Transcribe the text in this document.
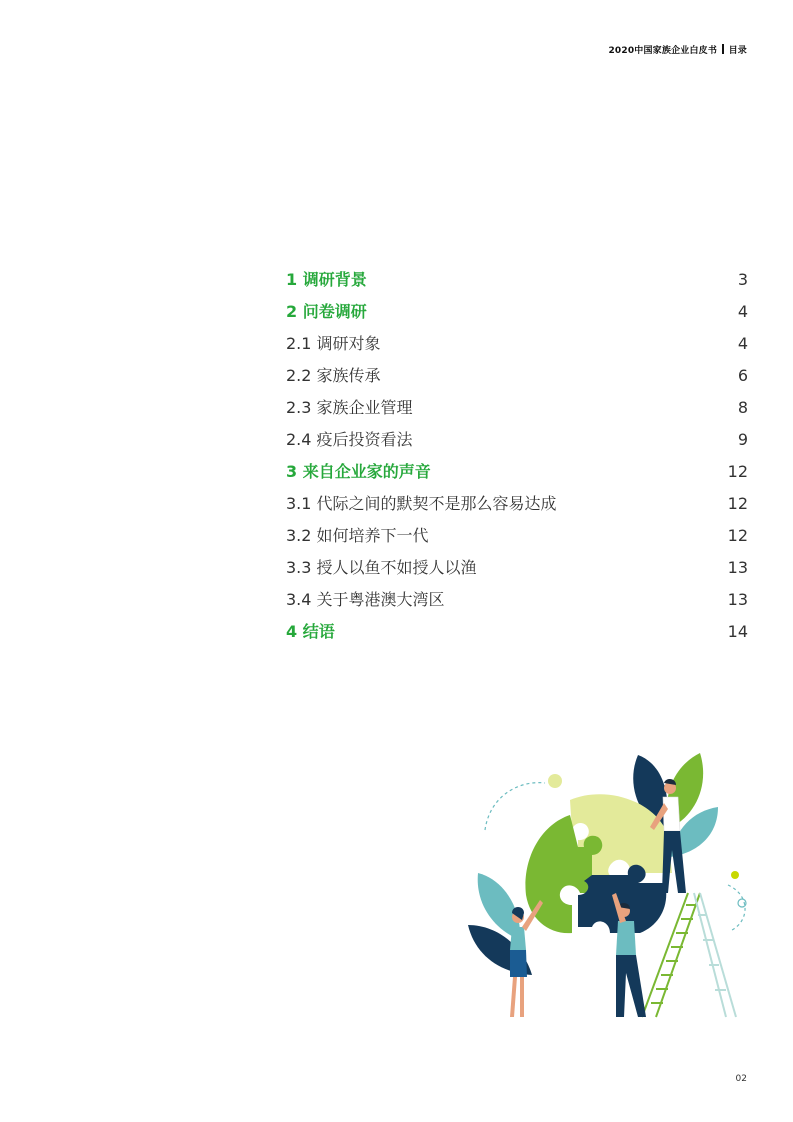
2020中国家族企业白皮书 目录
1 调研背景	3
2 问卷调研	4
2.1 调研对象	4
2.2 家族传承	6
2.3 家族企业管理	8
2.4 疫后投资看法	9
3 来自企业家的声音	12
3.1 代际之间的默契不是那么容易达成	12
3.2 如何培养下一代	12
3.3 授人以鱼不如授人以渔	13
3.4 关于粤港澳大湾区	13
4 结语	14
02
